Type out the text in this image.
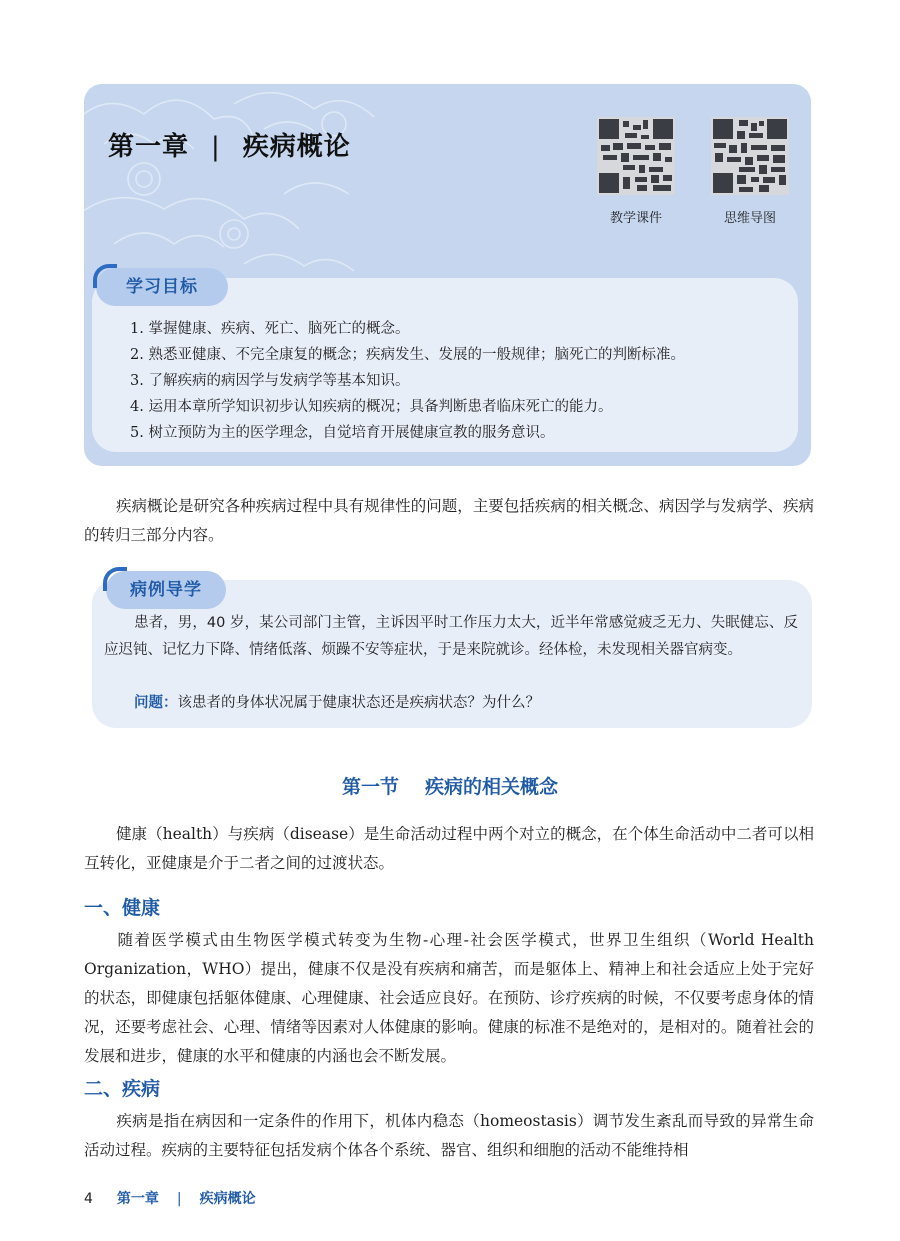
第一章 | 疾病概论
教学课件	思维导图
学习目标
1. 掌握健康、疾病、死亡、脑死亡的概念。
2. 熟悉亚健康、不完全康复的概念；疾病发生、发展的一般规律；脑死亡的判断标准。
3. 了解疾病的病因学与发病学等基本知识。
4. 运用本章所学知识初步认知疾病的概况；具备判断患者临床死亡的能力。
5. 树立预防为主的医学理念，自觉培育开展健康宣教的服务意识。

疾病概论是研究各种疾病过程中具有规律性的问题，主要包括疾病的相关概念、病因学与发病学、疾病的转归三部分内容。

病例导学

患者，男，40 岁，某公司部门主管，主诉因平时工作压力太大，近半年常感觉疲乏无力、失眠健忘、反应迟钝、记忆力下降、情绪低落、烦躁不安等症状，于是来院就诊。经体检，未发现相关器官病变。

问题：该患者的身体状况属于健康状态还是疾病状态？为什么？
第一节 疾病的相关概念

健康（health）与疾病（disease）是生命活动过程中两个对立的概念，在个体生命活动中二者可以相互转化，亚健康是介于二者之间的过渡状态。

一、健康

随着医学模式由生物医学模式转变为生物-心理-社会医学模式，世界卫生组织（World Health Organization，WHO）提出，健康不仅是没有疾病和痛苦，而是躯体上、精神上和社会适应上处于完好的状态，即健康包括躯体健康、心理健康、社会适应良好。在预防、诊疗疾病的时候，不仅要考虑身体的情况，还要考虑社会、心理、情绪等因素对人体健康的影响。健康的标准不是绝对的，是相对的。随着社会的发展和进步，健康的水平和健康的内涵也会不断发展。

二、疾病

疾病是指在病因和一定条件的作用下，机体内稳态（homeostasis）调节发生紊乱而导致的异常生命活动过程。疾病的主要特征包括发病个体各个系统、器官、组织和细胞的活动不能维持相

4 第一章 | 疾病概论
